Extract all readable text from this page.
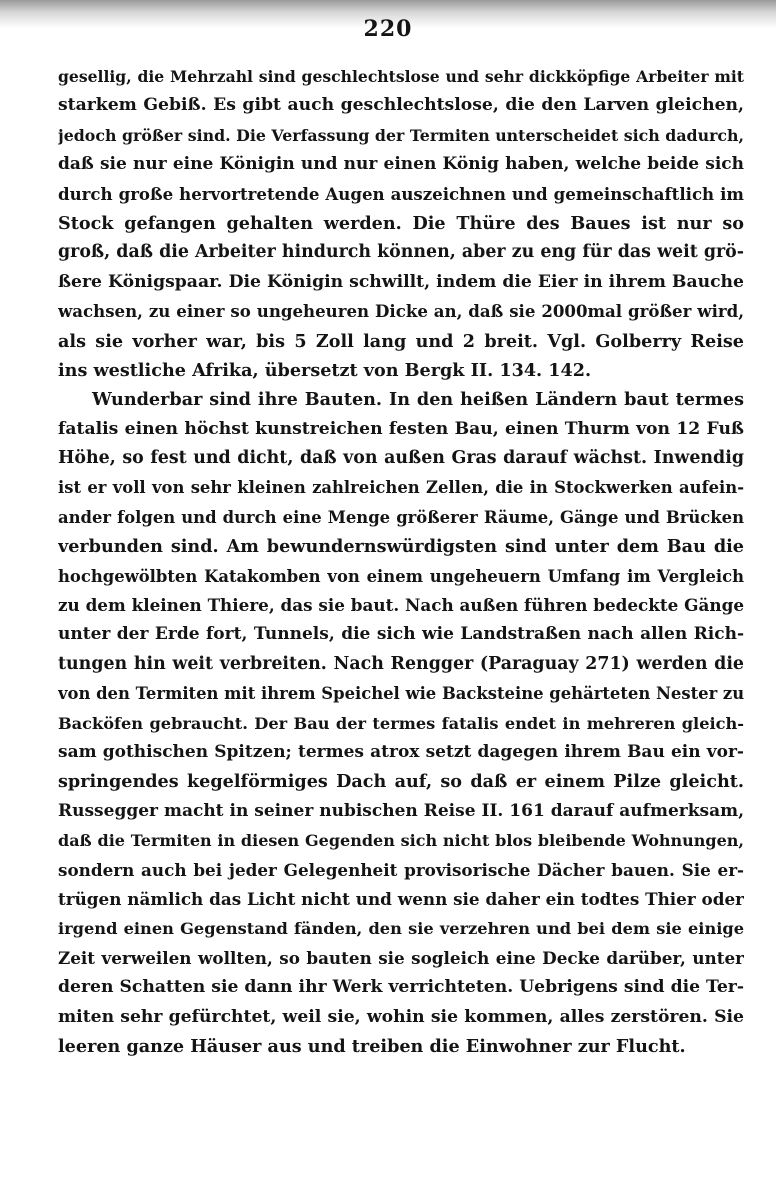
220
gesellig, die Mehrzahl sind geschlechtslose und sehr dickköpfige Arbeiter mit
starkem Gebiß. Es gibt auch geschlechtslose, die den Larven gleichen,
jedoch größer sind. Die Verfassung der Termiten unterscheidet sich dadurch,
daß sie nur eine Königin und nur einen König haben, welche beide sich
durch große hervortretende Augen auszeichnen und gemeinschaftlich im
Stock gefangen gehalten werden. Die Thüre des Baues ist nur so
groß, daß die Arbeiter hindurch können, aber zu eng für das weit grö-
ßere Königspaar. Die Königin schwillt, indem die Eier in ihrem Bauche
wachsen, zu einer so ungeheuren Dicke an, daß sie 2000mal größer wird,
als sie vorher war, bis 5 Zoll lang und 2 breit. Vgl. Golberry Reise
ins westliche Afrika, übersetzt von Bergk II. 134. 142.
Wunderbar sind ihre Bauten. In den heißen Ländern baut termes
fatalis einen höchst kunstreichen festen Bau, einen Thurm von 12 Fuß
Höhe, so fest und dicht, daß von außen Gras darauf wächst. Inwendig
ist er voll von sehr kleinen zahlreichen Zellen, die in Stockwerken aufein-
ander folgen und durch eine Menge größerer Räume, Gänge und Brücken
verbunden sind. Am bewundernswürdigsten sind unter dem Bau die
hochgewölbten Katakomben von einem ungeheuern Umfang im Vergleich
zu dem kleinen Thiere, das sie baut. Nach außen führen bedeckte Gänge
unter der Erde fort, Tunnels, die sich wie Landstraßen nach allen Rich-
tungen hin weit verbreiten. Nach Rengger (Paraguay 271) werden die
von den Termiten mit ihrem Speichel wie Backsteine gehärteten Nester zu
Backöfen gebraucht. Der Bau der termes fatalis endet in mehreren gleich-
sam gothischen Spitzen; termes atrox setzt dagegen ihrem Bau ein vor-
springendes kegelförmiges Dach auf, so daß er einem Pilze gleicht.
Russegger macht in seiner nubischen Reise II. 161 darauf aufmerksam,
daß die Termiten in diesen Gegenden sich nicht blos bleibende Wohnungen,
sondern auch bei jeder Gelegenheit provisorische Dächer bauen. Sie er-
trügen nämlich das Licht nicht und wenn sie daher ein todtes Thier oder
irgend einen Gegenstand fänden, den sie verzehren und bei dem sie einige
Zeit verweilen wollten, so bauten sie sogleich eine Decke darüber, unter
deren Schatten sie dann ihr Werk verrichteten. Uebrigens sind die Ter-
miten sehr gefürchtet, weil sie, wohin sie kommen, alles zerstören. Sie
leeren ganze Häuser aus und treiben die Einwohner zur Flucht.
